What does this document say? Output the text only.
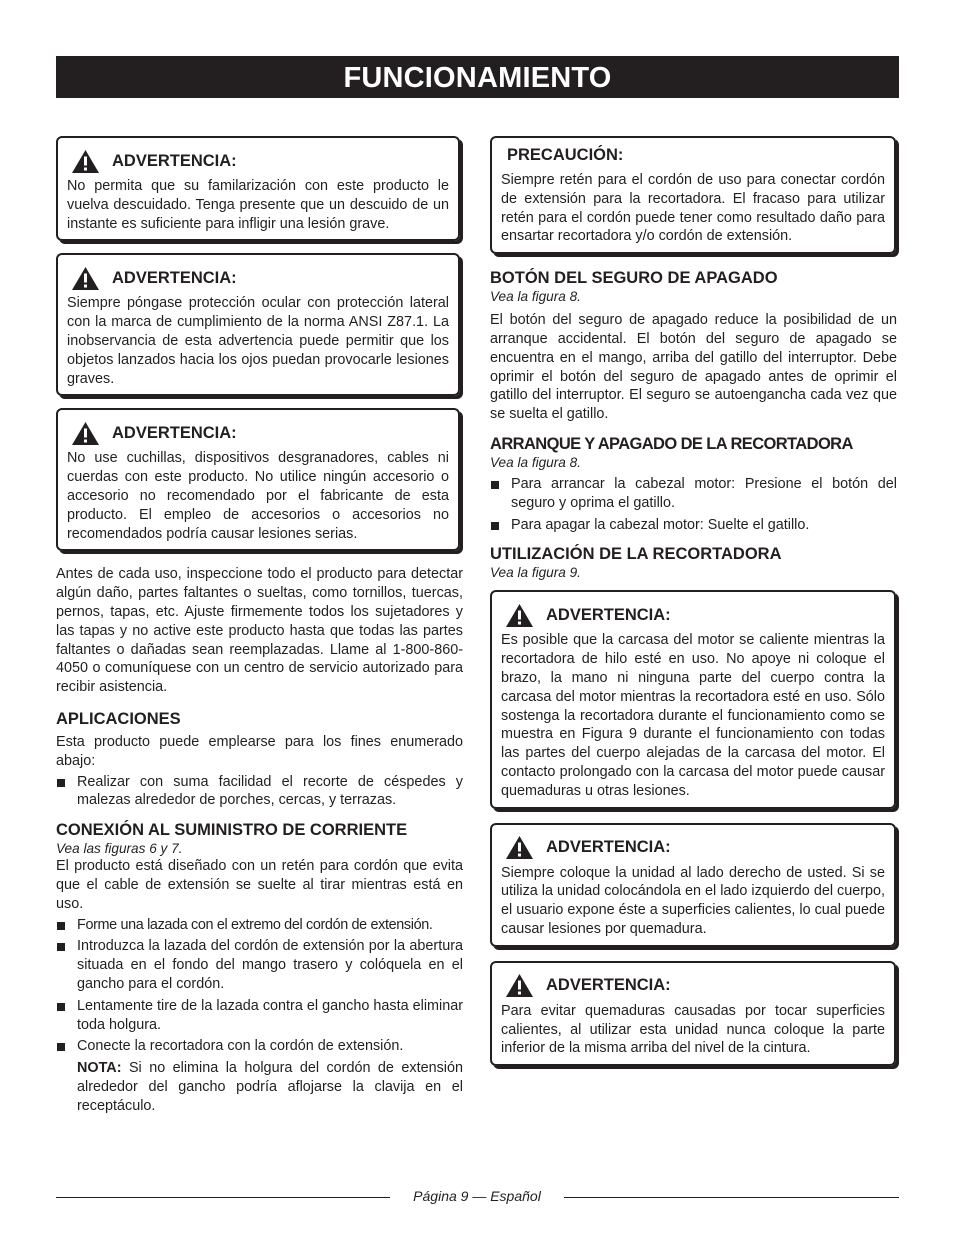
FUNCIONAMIENTO
ADVERTENCIA:

No permita que su familarización con este producto le vuelva descuidado. Tenga presente que un descuido de un instante es suficiente para infligir una lesión grave.

ADVERTENCIA:

Siempre póngase protección ocular con protección lateral con la marca de cumplimiento de la norma ANSI Z87.1. La inobservancia de esta advertencia puede permitir que los objetos lanzados hacia los ojos puedan provocarle lesiones graves.

ADVERTENCIA:

No use cuchillas, dispositivos desgranadores, cables ni cuerdas con este producto. No utilice ningún accesorio o accesorio no recomendado por el fabricante de esta producto. El empleo de accesorios o accesorios no recomendados podría causar lesiones serias.

Antes de cada uso, inspeccione todo el producto para detectar algún daño, partes faltantes o sueltas, como tornillos, tuercas, pernos, tapas, etc. Ajuste firmemente todos los sujetadores y las tapas y no active este producto hasta que todas las partes faltantes o dañadas sean reemplazadas. Llame al 1-800-860-4050 o comuníquese con un centro de servicio autorizado para recibir asistencia.

APLICACIONES

Esta producto puede emplearse para los fines enumerado abajo:

Realizar con suma facilidad el recorte de céspedes y malezas alrededor de porches, cercas, y terrazas.
CONEXIÓN AL SUMINISTRO DE CORRIENTE

Vea las figuras 6 y 7.

El producto está diseñado con un retén para cordón que evita que el cable de extensión se suelte al tirar mientras está en uso.

Forme una lazada con el extremo del cordón de extensión.
Introduzca la lazada del cordón de extensión por la abertura situada en el fondo del mango trasero y colóquela en el gancho para el cordón.
Lentamente tire de la lazada contra el gancho hasta eliminar toda holgura.
Conecte la recortadora con la cordón de extensión.

NOTA: Si no elimina la holgura del cordón de extensión alrededor del gancho podría aflojarse la clavija en el receptáculo.

PRECAUCIÓN:

Siempre retén para el cordón de uso para conectar cordón de extensión para la recortadora. El fracaso para utilizar retén para el cordón puede tener como resultado daño para ensartar recortadora y/o cordón de extensión.

BOTÓN DEL SEGURO DE APAGADO

Vea la figura 8.

El botón del seguro de apagado reduce la posibilidad de un arranque accidental. El botón del seguro de apagado se encuentra en el mango, arriba del gatillo del interruptor. Debe oprimir el botón del seguro de apagado antes de oprimir el gatillo del interruptor. El seguro se autoengancha cada vez que se suelta el gatillo.

ARRANQUE Y APAGADO DE LA RECORTADORA

Vea la figura 8.

Para arrancar la cabezal motor: Presione el botón del seguro y oprima el gatillo.
Para apagar la cabezal motor: Suelte el gatillo.
UTILIZACIÓN DE LA RECORTADORA

Vea la figura 9.

ADVERTENCIA:

Es posible que la carcasa del motor se caliente mientras la recortadora de hilo esté en uso. No apoye ni coloque el brazo, la mano ni ninguna parte del cuerpo contra la carcasa del motor mientras la recortadora esté en uso. Sólo sostenga la recortadora durante el funcionamiento como se muestra en Figura 9 durante el funcionamiento con todas las partes del cuerpo alejadas de la carcasa del motor. El contacto prolongado con la carcasa del motor puede causar quemaduras u otras lesiones.

ADVERTENCIA:

Siempre coloque la unidad al lado derecho de usted. Si se utiliza la unidad colocándola en el lado izquierdo del cuerpo, el usuario expone éste a superficies calientes, lo cual puede causar lesiones por quemadura.

ADVERTENCIA:

Para evitar quemaduras causadas por tocar superficies calientes, al utilizar esta unidad nunca coloque la parte inferior de la misma arriba del nivel de la cintura.

Página 9 — Español
